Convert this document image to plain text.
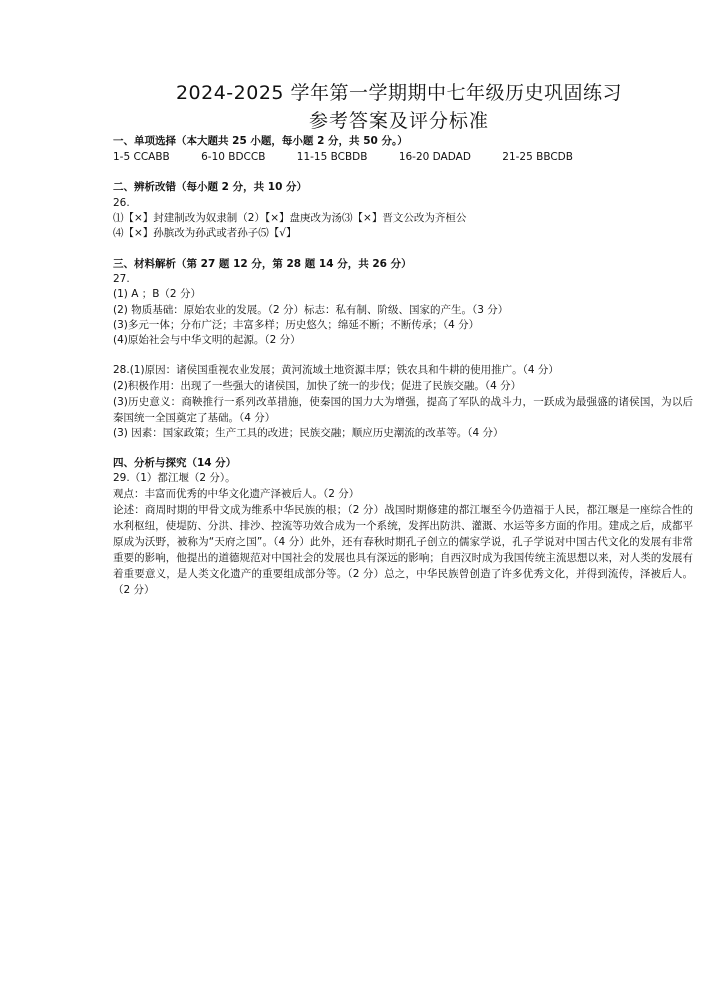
2024-2025 学年第一学期期中七年级历史巩固练习
参考答案及评分标准
一、单项选择（本大题共 25 小题，每小题 2 分，共 50 分。）
1-5 CCABB	6-10 BDCCB	11-15 BCBDB	16-20 DADAD	21-25 BBCDB
二、辨析改错（每小题 2 分，共 10 分）
26.
⑴【×】封建制改为奴隶制（2）【×】盘庚改为汤⑶【×】晋文公改为齐桓公
⑷【×】孙膑改为孙武或者孙子⑸【√】
三、材料解析（第 27 题 12 分，第 28 题 14 分，共 26 分）
27.
(1) A ；B（2 分）
(2) 物质基础：原始农业的发展。（2 分）标志：私有制、阶级、国家的产生。（3 分）
(3)多元一体；分布广泛；丰富多样；历史悠久；绵延不断；不断传承；（4 分）
(4)原始社会与中华文明的起源。（2 分）
28.(1)原因：诸侯国重视农业发展；黄河流域土地资源丰厚；铁农具和牛耕的使用推广。（4 分）
(2)积极作用：出现了一些强大的诸侯国，加快了统一的步伐；促进了民族交融。（4 分）
(3)历史意义：商鞅推行一系列改革措施，使秦国的国力大为增强，提高了军队的战斗力，一跃成为最强盛的诸侯国，为以后秦国统一全国奠定了基础。（4 分）
(3) 因素：国家政策；生产工具的改进；民族交融；顺应历史潮流的改革等。（4 分）
四、分析与探究（14 分）
29.（1）都江堰（2 分）。
观点：丰富而优秀的中华文化遗产泽被后人。（2 分）
论述：商周时期的甲骨文成为维系中华民族的根；（2 分）战国时期修建的都江堰至今仍造福于人民，都江堰是一座综合性的水利枢纽，使堤防、分洪、排沙、控流等功效合成为一个系统，发挥出防洪、灌溉、水运等多方面的作用。建成之后，成都平原成为沃野，被称为“天府之国”。（4 分）此外，还有春秋时期孔子创立的儒家学说，孔子学说对中国古代文化的发展有非常重要的影响，他提出的道德规范对中国社会的发展也具有深远的影响；自西汉时成为我国传统主流思想以来，对人类的发展有着重要意义，是人类文化遗产的重要组成部分等。（2 分）总之，中华民族曾创造了许多优秀文化，并得到流传，泽被后人。（2 分）
